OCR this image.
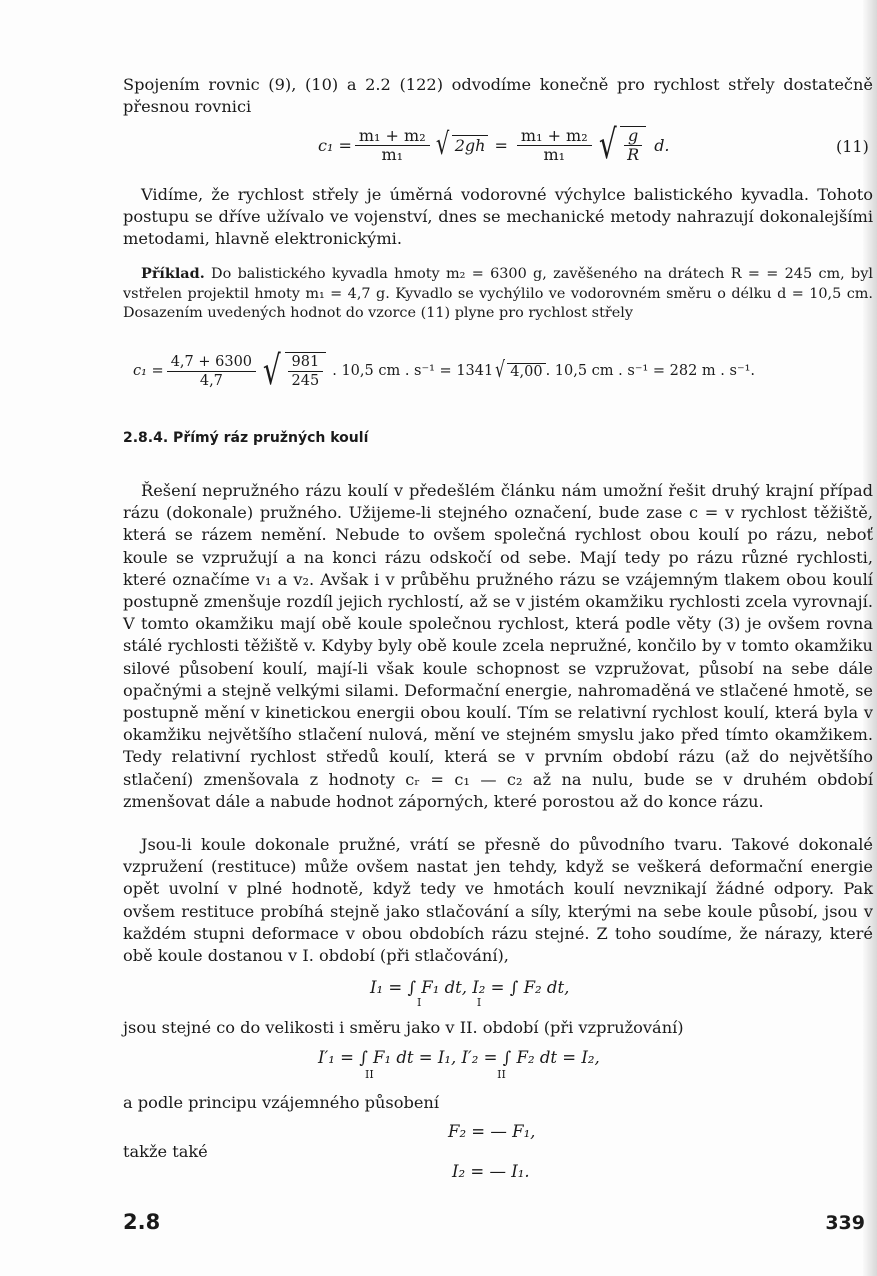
Spojením rovnic (9), (10) a 2.2 (122) odvodíme konečně pro rychlost střely dostatečně přesnou rovnici

$c_1 = \frac{\text{m₁ + m₂}}{\text{m₁}}$ √ $2gh = \frac{\text{m₁ + m₂}}{\text{m₁}}$ √ $\frac{g}{R} d$.	(11)

Vidíme, že rychlost střely je úměrná vodorovné výchylce balistického kyvadla. Tohoto postupu se dříve užívalo ve vojenství, dnes se mechanické metody nahrazují dokonalejšími metodami, hlavně elektronickými.

Příklad. Do balistického kyvadla hmoty m₂ = 6300 g, zavěšeného na drátech R = = 245 cm, byl vstřelen projektil hmoty m₁ = 4,7 g. Kyvadlo se vychýlilo ve vodorovném směru o délku d = 10,5 cm. Dosazením uvedených hodnot do vzorce (11) plyne pro rychlost střely

$c_1 = \frac{4,7 + 6300}{4,7}$ √ $\frac{981}{245}$ . 10,5 cm . s⁻¹ = 1341 √ 4,00 . 10,5 cm . s⁻¹ = 282 m . s⁻¹.
2.8.4. Přímý ráz pružných koulí

Řešení nepružného rázu koulí v předešlém článku nám umožní řešit druhý krajní případ rázu (dokonale) pružného. Užijeme-li stejného označení, bude zase c = v rychlost těžiště, která se rázem nemění. Nebude to ovšem společná rychlost obou koulí po rázu, neboť koule se vzpružují a na konci rázu odskočí od sebe. Mají tedy po rázu různé rychlosti, které označíme v₁ a v₂. Avšak i v průběhu pružného rázu se vzájemným tlakem obou koulí postupně zmenšuje rozdíl jejich rychlostí, až se v jistém okamžiku rychlosti zcela vyrovnají. V tomto okamžiku mají obě koule společnou rychlost, která podle věty (3) je ovšem rovna stálé rychlosti těžiště v. Kdyby byly obě koule zcela nepružné, končilo by v tomto okamžiku silové působení koulí, mají-li však koule schopnost se vzpružovat, působí na sebe dále opačnými a stejně velkými silami. Deformační energie, nahromaděná ve stlačené hmotě, se postupně mění v kinetickou energii obou koulí. Tím se relativní rychlost koulí, která byla v okamžiku největšího stlačení nulová, mění ve stejném smyslu jako před tímto okamžikem. Tedy relativní rychlost středů koulí, která se v prvním období rázu (až do největšího stlačení) zmenšovala z hodnoty cᵣ = c₁ — c₂ až na nulu, bude se v druhém období zmenšovat dále a nabude hodnot záporných, které porostou až do konce rázu.

Jsou-li koule dokonale pružné, vrátí se přesně do původního tvaru. Takové dokonalé vzpružení (restituce) může ovšem nastat jen tehdy, když se veškerá deformační energie opět uvolní v plné hodnotě, když tedy ve hmotách koulí nevznikají žádné odpory. Pak ovšem restituce probíhá stejně jako stlačování a síly, kterými na sebe koule působí, jsou v každém stupni deformace v obou obdobích rázu stejné. Z toho soudíme, že nárazy, které obě koule dostanou v I. období (při stlačování),

I₁ = ∫ F₁ dt, I₂ = ∫ F₂ dt,
I I

jsou stejné co do velikosti i směru jako v II. období (při vzpružování)

I′₁ = ∫ F₁ dt = I₁, I′₂ = ∫ F₂ dt = I₂,
II II

a podle principu vzájemného působení

F₂ = — F₁,

takže také

I₂ = — I₁.
2.8	339
